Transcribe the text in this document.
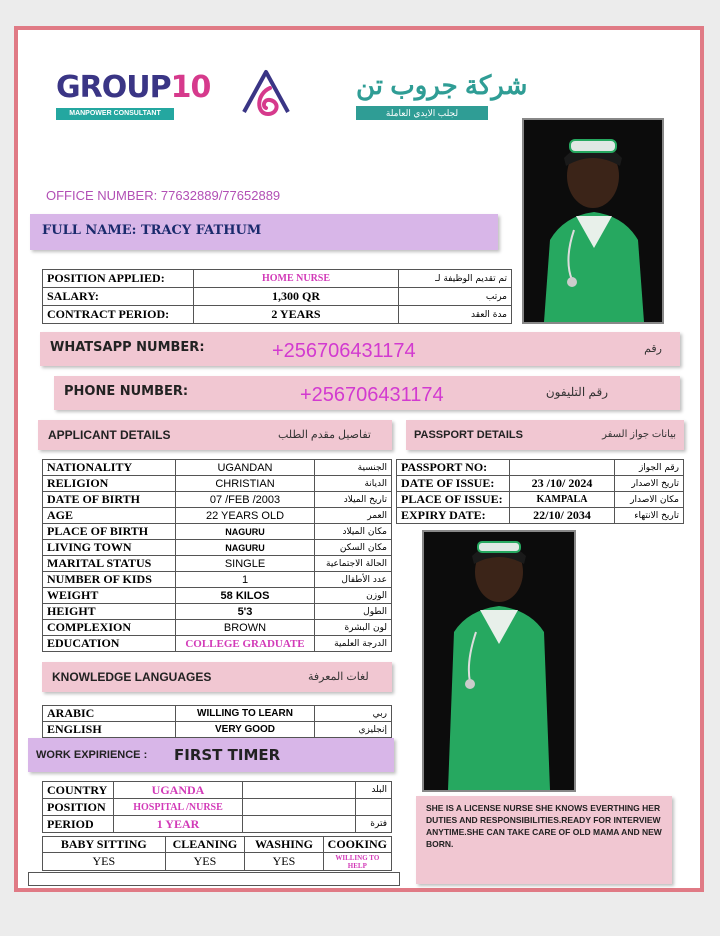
GROUP10
MANPOWER CONSULTANT
شركة جروب تن
لجلب الايدي العاملة
OFFICE NUMBER: 77632889/77652889
FULL NAME: TRACY FATHUM
POSITION APPLIED:	HOME NURSE	تم تقديم الوظيفة لـ
SALARY:	1,300 QR	مرتب
CONTRACT PERIOD:	2 YEARS	مدة العقد
WHATSAPP NUMBER:	+256706431174	رقم
PHONE NUMBER:	+256706431174	رقم التليفون
APPLICANT DETAILS	تفاصيل مقدم الطلب	PASSPORT DETAILS	بيانات جواز السفر
NATIONALITY	UGANDAN	الجنسية
RELIGION	CHRISTIAN	الديانة
DATE OF BIRTH	07 /FEB /2003	تاريخ الميلاد
AGE	22 YEARS OLD	العمر
PLACE OF BIRTH	NAGURU	مكان الميلاد
LIVING TOWN	NAGURU	مكان السكن
MARITAL STATUS	SINGLE	الحالة الاجتماعية
NUMBER OF KIDS	1	عدد الأطفال
WEIGHT	58 KILOS	الوزن
HEIGHT	5'3	الطول
COMPLEXION	BROWN	لون البشرة
EDUCATION	COLLEGE GRADUATE	الدرجة العلمية
PASSPORT NO:		رقم الجواز
DATE OF ISSUE:	23 /10/ 2024	تاريخ الاصدار
PLACE OF ISSUE:	KAMPALA	مكان الاصدار
EXPIRY DATE:	22/10/ 2034	تاريخ الانتهاء
KNOWLEDGE LANGUAGES	لغات المعرفة
ARABIC	WILLING TO LEARN	ربي
ENGLISH	VERY GOOD	إنجليزي
WORK EXPIRIENCE : FIRST TIMER
COUNTRY	UGANDA		البلد
POSITION	HOSPITAL /NURSE		
PERIOD	1 YEAR		فترة
BABY SITTING	CLEANING	WASHING	COOKING
YES	YES	YES	WILLING TO HELP
SHE IS A LICENSE NURSE SHE KNOWS EVERTHING HER DUTIES AND RESPONSIBILITIES.READY FOR INTERVIEW ANYTIME.SHE CAN TAKE CARE OF OLD MAMA AND NEW BORN.
